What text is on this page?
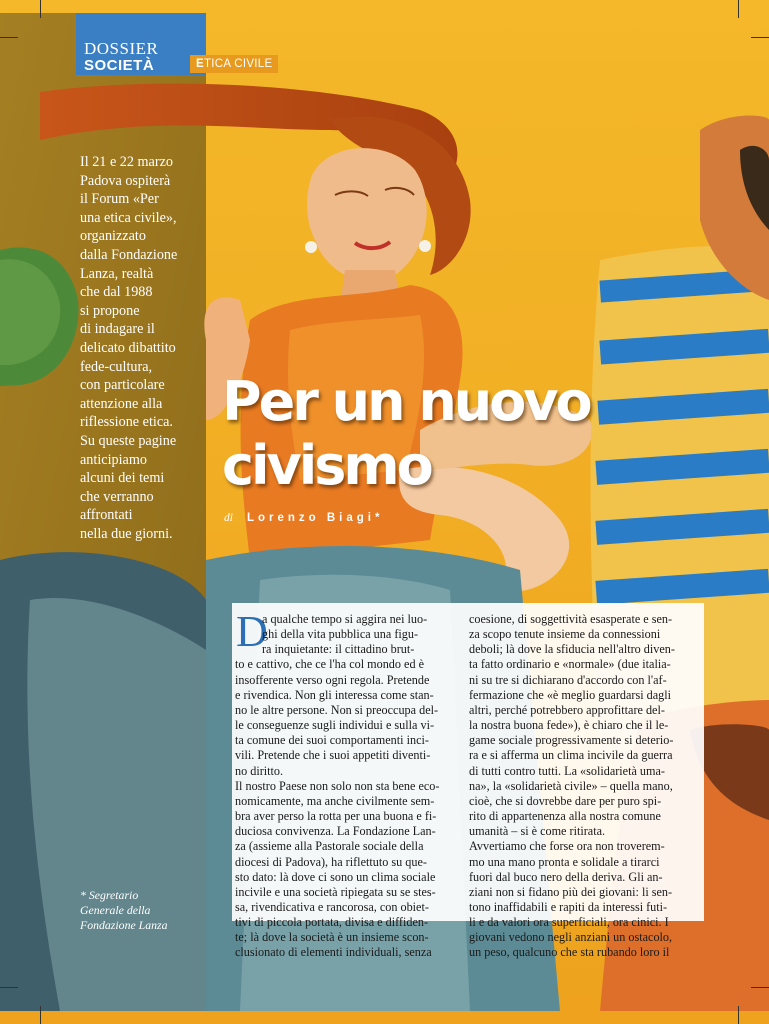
DOSSIER
SOCIETÀ	ETICA CIVILE
Il 21 e 22 marzo
Padova ospiterà
il Forum «Per
una etica civile»,
organizzato
dalla Fondazione
Lanza, realtà
che dal 1988
si propone
di indagare il
delicato dibattito
fede-cultura,
con particolare
attenzione alla
riflessione etica.
Su queste pagine
anticipiamo
alcuni dei temi
che verranno
affrontati
nella due giorni.
* Segretario
Generale della
Fondazione Lanza
Per un nuovo
civismo
di Lorenzo Biagi*
D
a qualche tempo si aggira nei luo-
ghi della vita pubblica una figu-
ra inquietante: il cittadino brut-
to e cattivo, che ce l'ha col mondo ed è
insofferente verso ogni regola. Pretende
e rivendica. Non gli interessa come stan-
no le altre persone. Non si preoccupa del-
le conseguenze sugli individui e sulla vi-
ta comune dei suoi comportamenti inci-
vili. Pretende che i suoi appetiti diventi-
no diritto.
Il nostro Paese non solo non sta bene eco-
nomicamente, ma anche civilmente sem-
bra aver perso la rotta per una buona e fi-
duciosa convivenza. La Fondazione Lan-
za (assieme alla Pastorale sociale della
diocesi di Padova), ha riflettuto su que-
sto dato: là dove ci sono un clima sociale
incivile e una società ripiegata su se stes-
sa, rivendicativa e rancorosa, con obiet-
tivi di piccola portata, divisa e diffiden-
te; là dove la società è un insieme scon-
clusionato di elementi individuali, senza
coesione, di soggettività esasperate e sen-
za scopo tenute insieme da connessioni
deboli; là dove la sfiducia nell'altro diven-
ta fatto ordinario e «normale» (due italia-
ni su tre si dichiarano d'accordo con l'af-
fermazione che «è meglio guardarsi dagli
altri, perché potrebbero approfittare del-
la nostra buona fede»), è chiaro che il le-
game sociale progressivamente si deterio-
ra e si afferma un clima incivile da guerra
di tutti contro tutti. La «solidarietà uma-
na», la «solidarietà civile» – quella mano,
cioè, che si dovrebbe dare per puro spi-
rito di appartenenza alla nostra comune
umanità – si è come ritirata.
Avvertiamo che forse ora non troverem-
mo una mano pronta e solidale a tirarci
fuori dal buco nero della deriva. Gli an-
ziani non si fidano più dei giovani: li sen-
tono inaffidabili e rapiti da interessi futi-
li e da valori ora superficiali, ora cinici. I
giovani vedono negli anziani un ostacolo,
un peso, qualcuno che sta rubando loro il
